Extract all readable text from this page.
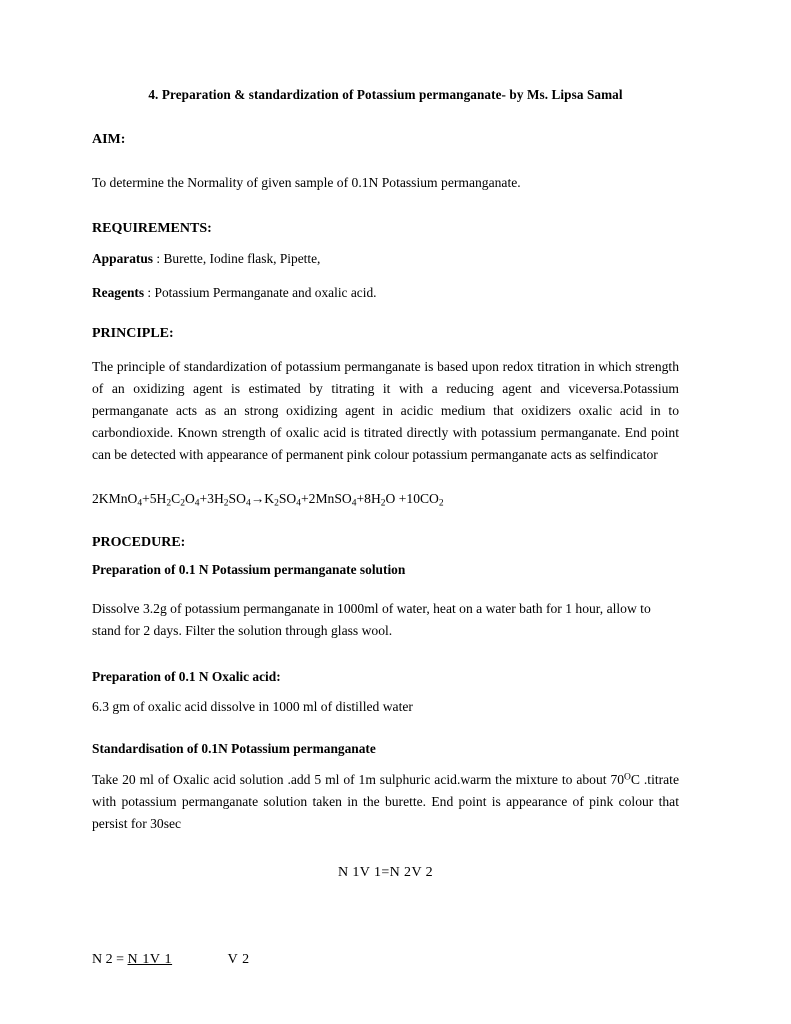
4. Preparation & standardization of Potassium permanganate- by Ms. Lipsa Samal
AIM:
To determine the Normality of given sample of 0.1N Potassium permanganate.
REQUIREMENTS:
Apparatus : Burette, Iodine flask, Pipette,
Reagents : Potassium Permanganate and oxalic acid.
PRINCIPLE:
The principle of standardization of potassium permanganate is based upon redox titration in which strength of an oxidizing agent is estimated by titrating it with a reducing agent and viceversa.Potassium permanganate acts as an strong oxidizing agent in acidic medium that oxidizers oxalic acid in to carbondioxide. Known strength of oxalic acid is titrated directly with potassium permanganate. End point can be detected with appearance of permanent pink colour potassium permanganate acts as selfindicator
$2KMnO_4+5H_2C_2O_4+3H_2SO_4\to K_2SO_4+2MnSO_4+8H_2O +10CO_2$
PROCEDURE:
Preparation of 0.1 N Potassium permanganate solution
Dissolve 3.2g of potassium permanganate in 1000ml of water, heat on a water bath for 1 hour, allow to stand for 2 days. Filter the solution through glass wool.
Preparation of 0.1 N Oxalic acid:
6.3 gm of oxalic acid dissolve in 1000 ml of distilled water
Standardisation of 0.1N Potassium permanganate
Take 20 ml of Oxalic acid solution .add 5 ml of 1m sulphuric acid.warm the mixture to about $70^OC$ .titrate with potassium permanganate solution taken in the burette. End point is appearance of pink colour that persist for 30sec
N 1V 1=N 2V 2
N 2 = N 1V 1	V 2
